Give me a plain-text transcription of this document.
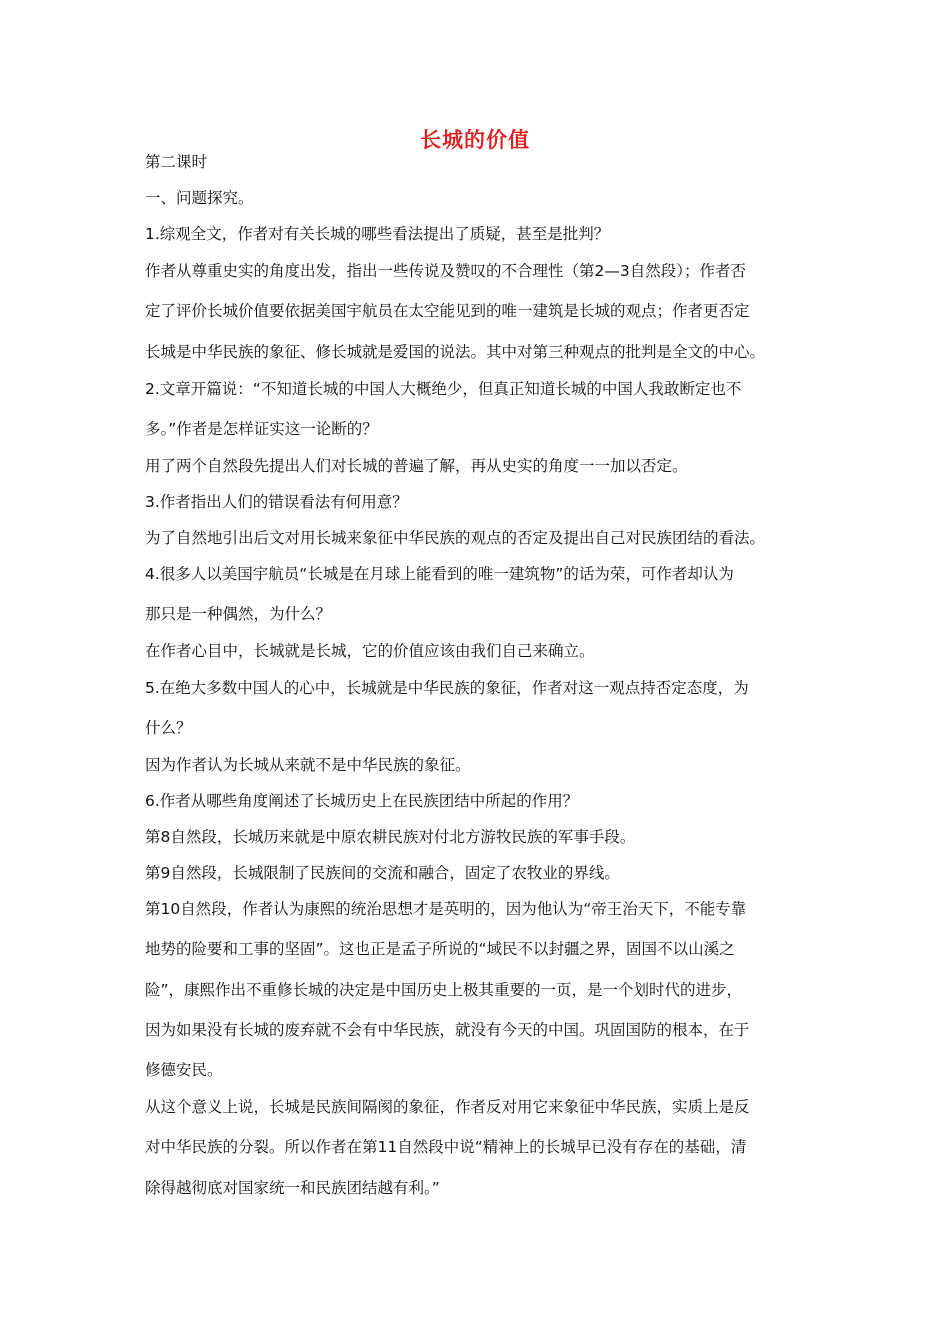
长城的价值
第二课时
一、问题探究。
1.综观全文，作者对有关长城的哪些看法提出了质疑，甚至是批判？
作者从尊重史实的角度出发，指出一些传说及赞叹的不合理性（第2—3自然段）；作者否
定了评价长城价值要依据美国宇航员在太空能见到的唯一建筑是长城的观点；作者更否定
长城是中华民族的象征、修长城就是爱国的说法。其中对第三种观点的批判是全文的中心。
2.文章开篇说：“不知道长城的中国人大概绝少，但真正知道长城的中国人我敢断定也不
多。”作者是怎样证实这一论断的？
用了两个自然段先提出人们对长城的普遍了解，再从史实的角度一一加以否定。
3.作者指出人们的错误看法有何用意？
为了自然地引出后文对用长城来象征中华民族的观点的否定及提出自己对民族团结的看法。
4.很多人以美国宇航员“长城是在月球上能看到的唯一建筑物”的话为荣，可作者却认为
那只是一种偶然，为什么？
在作者心目中，长城就是长城，它的价值应该由我们自己来确立。
5.在绝大多数中国人的心中，长城就是中华民族的象征，作者对这一观点持否定态度，为
什么？
因为作者认为长城从来就不是中华民族的象征。
6.作者从哪些角度阐述了长城历史上在民族团结中所起的作用？
第8自然段，长城历来就是中原农耕民族对付北方游牧民族的军事手段。
第9自然段，长城限制了民族间的交流和融合，固定了农牧业的界线。
第10自然段，作者认为康熙的统治思想才是英明的，因为他认为“帝王治天下，不能专靠
地势的险要和工事的坚固”。这也正是孟子所说的“域民不以封疆之界，固国不以山溪之
险”，康熙作出不重修长城的决定是中国历史上极其重要的一页，是一个划时代的进步，
因为如果没有长城的废弃就不会有中华民族，就没有今天的中国。巩固国防的根本，在于
修德安民。
从这个意义上说，长城是民族间隔阂的象征，作者反对用它来象征中华民族，实质上是反
对中华民族的分裂。所以作者在第11自然段中说“精神上的长城早已没有存在的基础，清
除得越彻底对国家统一和民族团结越有利。”
